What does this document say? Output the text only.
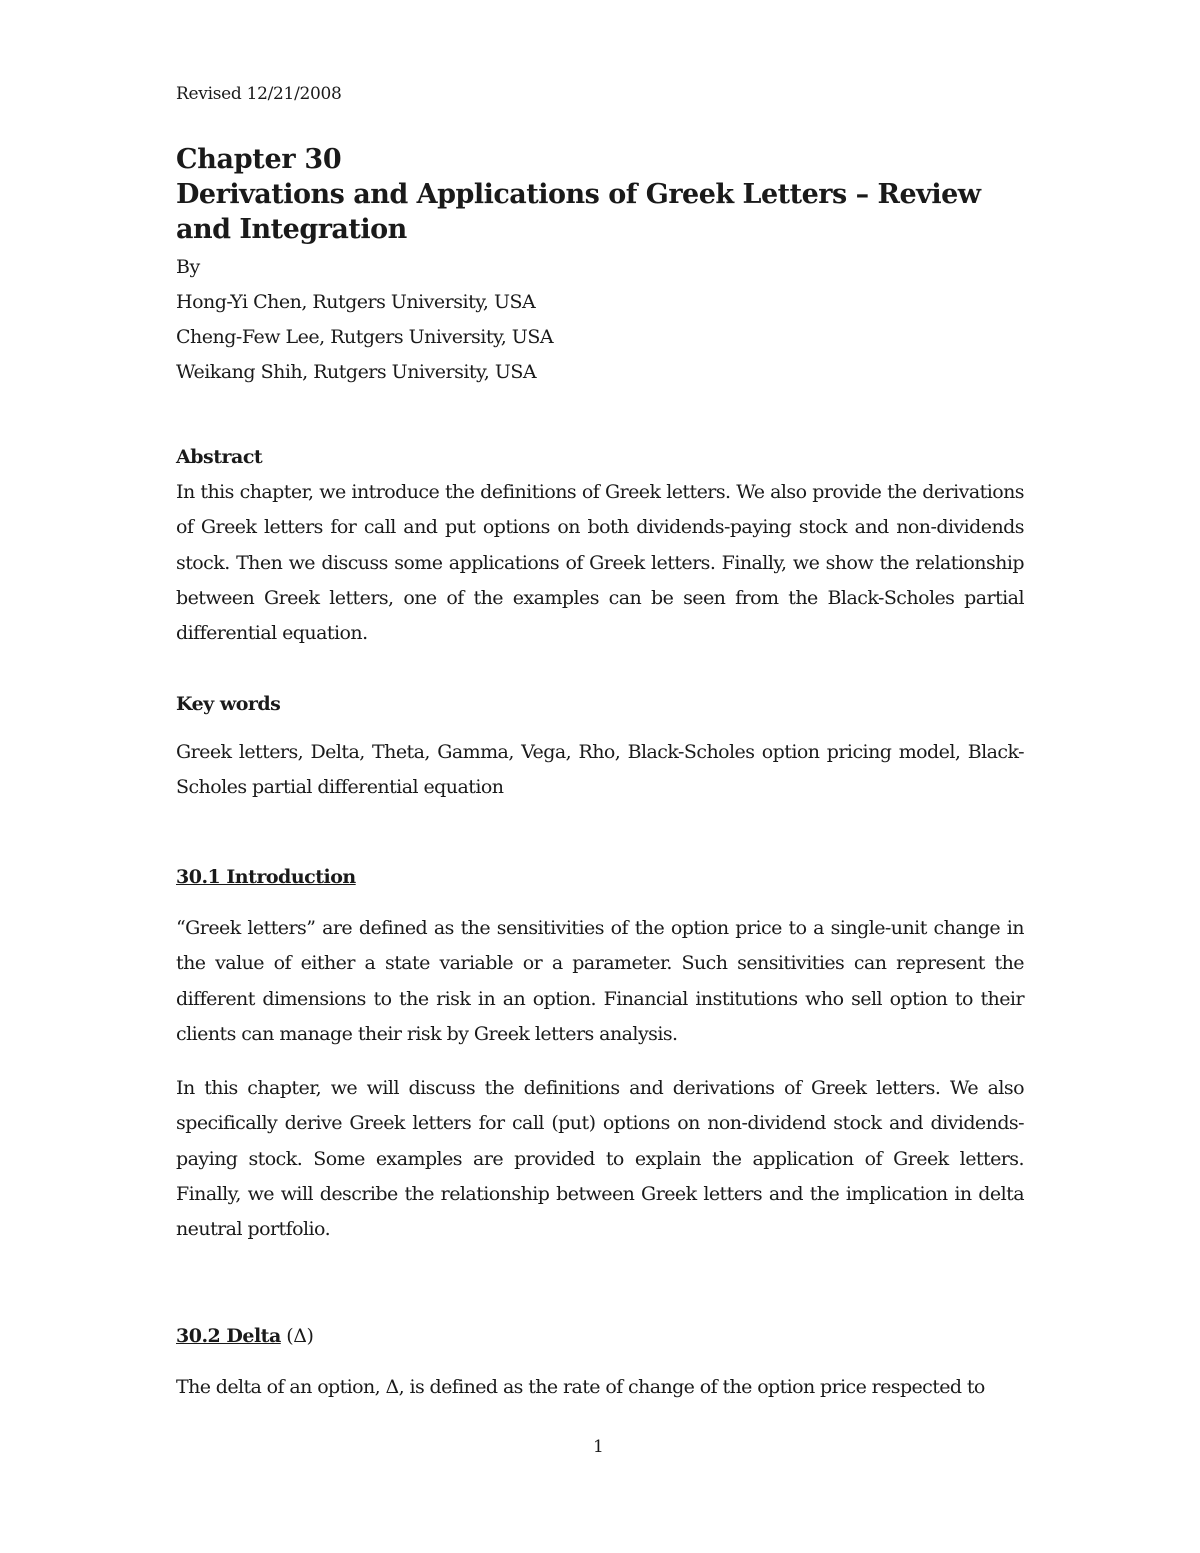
Revised 12/21/2008
Chapter 30
Derivations and Applications of Greek Letters – Review and Integration
By
Hong-Yi Chen, Rutgers University, USA
Cheng-Few Lee, Rutgers University, USA
Weikang Shih, Rutgers University, USA
Abstract
In this chapter, we introduce the definitions of Greek letters. We also provide the derivations of Greek letters for call and put options on both dividends-paying stock and non-dividends stock. Then we discuss some applications of Greek letters. Finally, we show the relationship between Greek letters, one of the examples can be seen from the Black-Scholes partial differential equation.
Key words
Greek letters, Delta, Theta, Gamma, Vega, Rho, Black-Scholes option pricing model, Black-Scholes partial differential equation
30.1 Introduction
“Greek letters” are defined as the sensitivities of the option price to a single-unit change in the value of either a state variable or a parameter. Such sensitivities can represent the different dimensions to the risk in an option. Financial institutions who sell option to their clients can manage their risk by Greek letters analysis.
In this chapter, we will discuss the definitions and derivations of Greek letters. We also specifically derive Greek letters for call (put) options on non-dividend stock and dividends-paying stock. Some examples are provided to explain the application of Greek letters. Finally, we will describe the relationship between Greek letters and the implication in delta neutral portfolio.
30.2 Delta (Δ)
The delta of an option, Δ, is defined as the rate of change of the option price respected to
1
